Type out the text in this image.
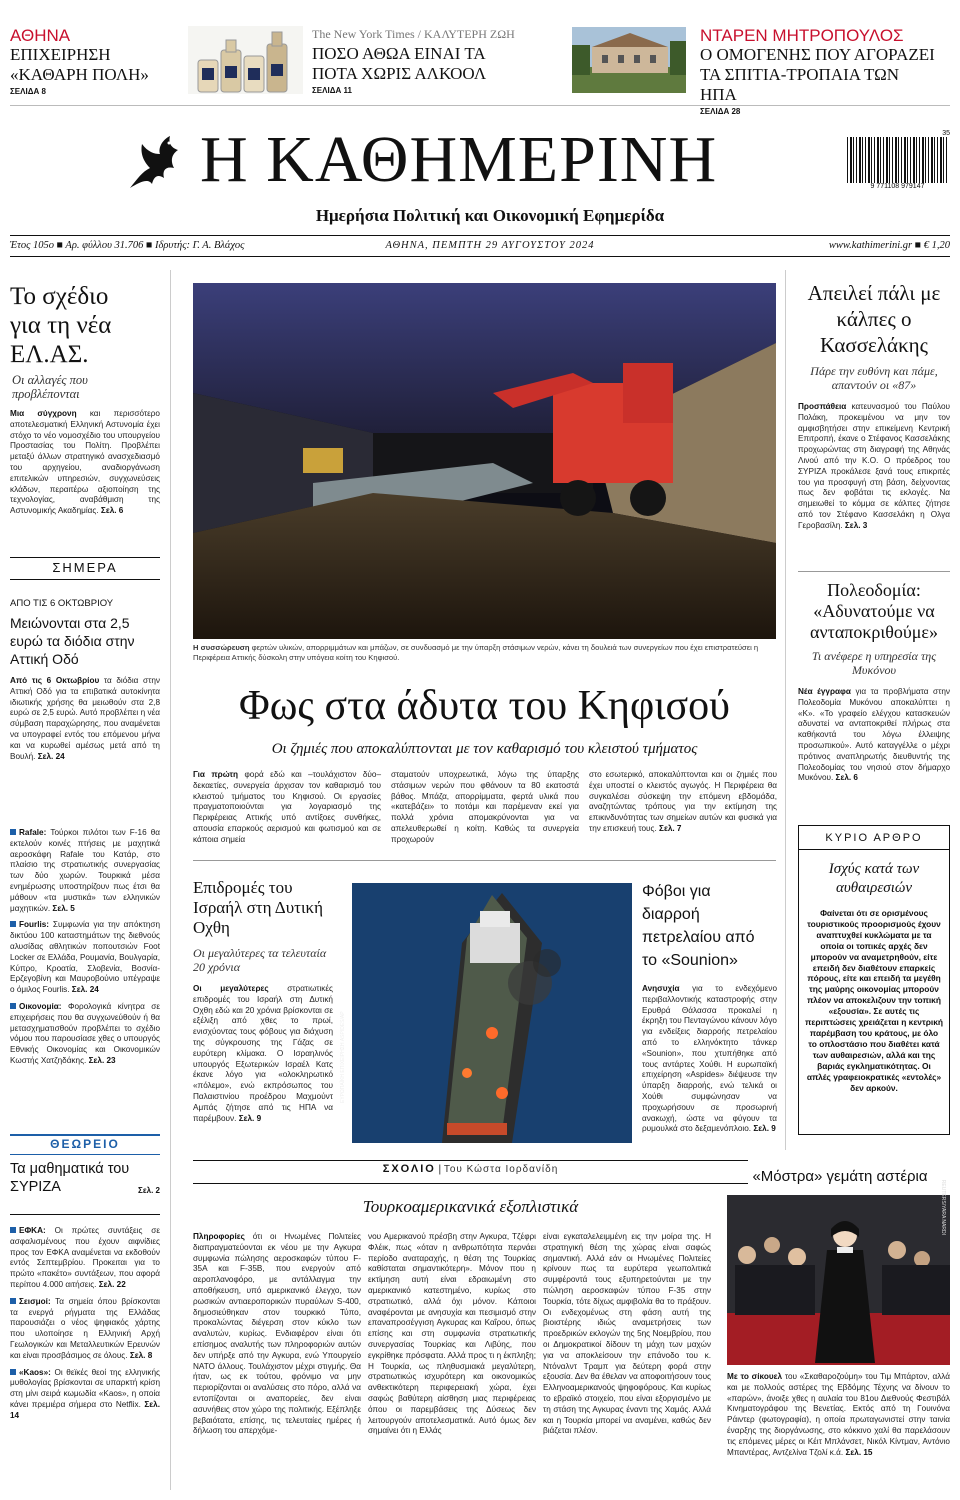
ΑΘΗΝΑ
ΕΠΙΧΕΙΡΗΣΗ «ΚΑΘΑΡΗ ΠΟΛΗ»
ΣΕΛΙΔΑ 8
The New York Times / ΚΑΛΥΤΕΡΗ ΖΩΗ
ΠΟΣΟ ΑΘΩΑ ΕΙΝΑΙ ΤΑ ΠΟΤΑ ΧΩΡΙΣ ΑΛΚΟΟΛ
ΣΕΛΙΔΑ 11
ΝΤΑΡΕΝ ΜΗΤΡΟΠΟΥΛΟΣ
Ο ΟΜΟΓΕΝΗΣ ΠΟΥ ΑΓΟΡΑΖΕΙ ΤΑ ΣΠΙΤΙΑ-ΤΡΟΠΑΙΑ ΤΩΝ ΗΠΑ
ΣΕΛΙΔΑ 28
Η ΚΑΘΗΜΕΡΙΝΗ
Ημερήσια Πολιτική και Οικονομική Εφημερίδα
35
9 771108 979147
Έτος 105ο ■ Αρ. φύλλου 31.706 ■ Ιδρυτής: Γ. Α. Βλάχος	ΑΘΗΝΑ, ΠΕΜΠΤΗ 29 ΑΥΓΟΥΣΤΟΥ 2024	www.kathimerini.gr ■ € 1,20
Το σχέδιο για τη νέα ΕΛ.ΑΣ.
Οι αλλαγές που προβλέπονται
Μια σύγχρονη και περισσότερο αποτελεσματική Ελληνική Αστυνομία έχει στόχο το νέο νομοσχέδιο του υπουργείου Προστασίας του Πολίτη. Προβλέπει μεταξύ άλλων στρατηγικό ανασχεδιασμό του αρχηγείου, αναδιοργάνωση επιτελικών υπηρεσιών, συγχωνεύσεις κλάδων, περαιτέρω αξιοποίηση της τεχνολογίας, αναβάθμιση της Αστυνομικής Ακαδημίας. Σελ. 6
ΣΗΜΕΡΑ
ΑΠΟ ΤΙΣ 6 ΟΚΤΩΒΡΙΟΥ
Μειώνονται στα 2,5 ευρώ τα διόδια στην Αττική Οδό
Από τις 6 Οκτωβρίου τα διόδια στην Αττική Οδό για τα επιβατικά αυτοκίνητα ιδιωτικής χρήσης θα μειωθούν στα 2,8 ευρώ σε 2,5 ευρώ. Αυτό προβλέπει η νέα σύμβαση παραχώρησης, που αναμένεται να υπογραφεί εντός του επόμενου μήνα και να κυρωθεί αμέσως μετά από τη Βουλή. Σελ. 24
Rafale: Τούρκοι πιλότοι των F-16 θα εκτελούν κοινές πτήσεις με μαχητικά αεροσκάφη Rafale του Κατάρ, στο πλαίσιο της στρατιωτικής συνεργασίας των δύο χωρών. Τουρκικά μέσα ενημέρωσης υποστηρίζουν πως έτσι θα μάθουν «τα μυστικά» των ελληνικών μαχητικών. Σελ. 5
Fourlis: Συμφωνία για την απόκτηση δικτύου 100 καταστημάτων της διεθνούς αλυσίδας αθλητικών ποπουτσιών Foot Locker σε Ελλάδα, Ρουμανία, Βουλγαρία, Κύπρο, Κροατία, Σλοβενία, Βοσνία-Ερζεγοβίνη και Μαυροβούνιο υπέγραψε ο όμιλος Fourlis. Σελ. 24
Οικονομία: Φορολογικά κίνητρα σε επιχειρήσεις που θα συγχωνεύθούν ή θα μετασχηματισθούν προβλέπει το σχέδιο νόμου που παρουσίασε χθες ο υπουργός Εθνικής Οικονομίας και Οικονομικών Κωστής Χατζηδάκης. Σελ. 23
ΘΕΩΡΕΙΟ
Τα μαθηματικά του ΣΥΡΙΖΑ	Σελ. 2
ΕΦΚΑ: Οι πρώτες συντάξεις σε ασφαλισμένους που έχουν αιφνίδιες προς τον ΕΦΚΑ αναμένεται να εκδοθούν εντός Σεπτεμβρίου. Προκειται για το πρώτο «πακέτο» συντάξεων, που αφορά περίπου 4.000 αιτήσεις. Σελ. 22
Σεισμοί: Τα σημεία όπου βρίσκονται τα ενεργά ρήγματα της Ελλάδας παρουσιάζει ο νέος ψηφιακός χάρτης που υλοποίησε η Ελληνική Αρχή Γεωλογικών και Μεταλλευτικών Ερευνών και είναι προσβάσιμος σε όλους. Σελ. 8
«Kaos»: Οι θεϊκές θεοί της ελληνικής μυθολογίας βρίσκονται σε υπαρκτή κρίση στη μίνι σειρά κωμωδία «Kaos», η οποία κάνει πρεμιέρα σήμερα στο Netflix. Σελ. 14
Η συσσώρευση φερτών υλικών, απορριμμάτων και μπάζων, σε συνδυασμό με την ύπαρξη στάσιμων νερών, κάνει τη δουλειά των συνεργείων που έχει επιστρατεύσει η Περιφέρεια Αττικής δύσκολη στην υπόγεια κοίτη του Κηφισού.
Φως στα άδυτα του Κηφισού
Οι ζημιές που αποκαλύπτονται με τον καθαρισμό του κλειστού τμήματος
Για πρώτη φορά εδώ και –τουλάχιστον δύο– δεκαετίες, συνεργεία άρχισαν τον καθαρισμό του κλειστού τμήματος του Κηφισού. Οι εργασίες πραγματοποιούνται για λογαριασμό της Περιφέρειας Αττικής υπό αντίξοες συνθήκες, απουσία επαρκούς αερισμού και φωτισμού και σε κάποια σημεία
σταματούν υποχρεωτικά, λόγω της ύπαρξης στάσιμων νερών που φθάνουν τα 80 εκατοστά βάθος. Μπάζα, απορρίμματα, φερτά υλικά που «κατεβάζει» το ποτάμι και παρέμεναν εκεί για πολλά χρόνια απομακρύνονται για να απελευθερωθεί η κοίτη. Καθώς τα συνεργεία προχωρούν
στο εσωτερικό, αποκαλύπτονται και οι ζημιές που έχει υποστεί ο κλειστός αγωγός. Η Περιφέρεια θα συγκαλέσει σύσκεψη την επόμενη εβδομάδα, αναζητώντας τρόπους για την εκτίμηση της επικινδυνότητας των σημείων αυτών και φυσικά για την επισκευή τους. Σελ. 7
Επιδρομές του Ισραήλ στη Δυτική Οχθη
Οι μεγαλύτερες τα τελευταία 20 χρόνια
Οι μεγαλύτερες στρατιωτικές επιδρομές του Ισραήλ στη Δυτική Οχθη εδώ και 20 χρόνια βρίσκονται σε εξέλιξη από χθες το πρωί, ενισχύοντας τους φόβους για διάχυση της σύγκρουσης της Γάζας σε ευρύτερη κλίμακα. Ο Ισραηλινός υπουργός Εξωτερικών Ισραέλ Κατς έκανε λόγο για «ολοκληρωτικό «πόλεμο», ενώ εκπρόσωπος του Παλαιστινίου προέδρου Μαχμούντ Αμπάς ζήτησε από τις ΗΠΑ να παρέμβουν. Σελ. 9
ΕΥΡΩΠΑΪΚΗ ΕΠΙΧΕΙΡΗΣΗ ASPIDES/AP
Φόβοι για διαρροή πετρελαίου από το «Sounion»
Ανησυχία για το ενδεχόμενο περιβαλλοντικής καταστροφής στην Ερυθρά Θάλασσα προκαλεί η έκρηξη του Πενταγώνου κάνουν λόγο για ενδείξεις διαρροής πετρελαίου από το ελληνόκτητο τάνκερ «Sounion», που χτυπήθηκε από τους αντάρτες Χούθι. Η ευρωπαϊκή επιχείρηση «Aspides» διέψευσε την ύπαρξη διαρροής, ενώ τελικά οι Χούθι συμφώνησαν να προχωρήσουν σε προσωρινή ανακωχή, ώστε να φύγουν τα ρυμουλκά στο δεξαμενόπλοιο. Σελ. 9
ΣΧΟΛΙΟ | Του Κώστα Ιορδανίδη
Τουρκοαμερικανικά εξοπλιστικά
Πληροφορίες ότι οι Ηνωμένες Πολιτείες διαπραγματεύονται εκ νέου με την Αγκυρα συμφωνία πώλησης αεροσκαφών τύπου F-35A και F-35B, που ενεργούν από αεροπλανοφόρο, με αντάλλαγμα την αποθήκευση, υπό αμερικανικό έλεγχο, των ρωσικών αντιαεροπορικών πυραύλων S-400, δημοσιεύθηκαν στον τουρκικό Τύπο, προκαλώντας διέγερση στον κύκλο των αναλυτών, κυρίως. Ενδιαφέρον είναι ότι επίσημος αναλυτής των πληροφοριών αυτών δεν υπήρξε από την Αγκυρα, ενώ Υπουργείο ΝΑΤΟ άλλους. Τουλάχιστον μέχρι στιγμής. Θα ήταν, ως εκ τούτου, φρόνιμο να μην περιορίζονται οι αναλύσεις στο πόρο, αλλά να εντοπίζονται οι αναπορείες, δεν είναι ασυνήθεις στον χώρο της πολιτικής. Εξέπληξε βεβαιότατα, επίσης, τις τελευταίες ημέρες ή δήλωση του απερχόμε-
νου Αμερικανού πρέσβη στην Αγκυρα, Τζέφρι Φλέικ, πως «όταν η ανθρωπότητα περνάει περίοδο αναταραχής, η θέση της Τουρκίας καθίσταται σημαντικότερη». Μόνον που η εκτίμηση αυτή είναι εδραιωμένη στο αμερικανικό κατεστημένο, κυρίως στο στρατιωτικό, αλλά όχι μόνον. Κάποιοι αναφέρονται με ανησυχία και πεσιμισμό στην επαναπροσέγγιση Αγκυρας και Καΐρου, όπως επίσης και στη συμφωνία στρατιωτικής συνεργασίας Τουρκίας και Λιβύης, που εγκρίθηκε πρόσφατα. Αλλά προς τι η έκπληξη; Η Τουρκία, ως πληθυσμιακά μεγαλύτερη, στρατιωτικώς ισχυρότερη και οικονομικώς ανθεκτικότερη περιφερειακή χώρα, έχει σαφώς βαθύτερη αίσθηση μιας περιφέρειας όπου οι παρεμβάσεις της Δύσεως δεν λειτουργούν αποτελεσματικά. Αυτό όμως δεν σημαίνει ότι η Ελλάς
είναι εγκαταλελειμμένη εις την μοίρα της. Η στρατηγική θέση της χώρας είναι σαφώς σημαντική. Αλλά εάν οι Ηνωμένες Πολιτείες κρίνουν πως τα ευρύτερα γεωπολιτικά συμφέροντά τους εξυπηρετούνται με την πώληση αεροσκαφών τύπου F-35 στην Τουρκία, τότε δίχως αμφιβολία θα το πράξουν. Οι ενδεχομένως στη φάση αυτή της βιοιστέρης ιδιώς αναμετρήσεις των προεδρικών εκλογών της 5ης Νοεμβρίου, που οι Δημοκρατικοί δίδουν τη μάχη των μαχών για να αποκλείσουν την επάνοδο του κ. Ντόναλντ Τραμπ για δεύτερη φορά στην εξουσία. Δεν θα έθελαν να αποφοιτήσουν τους Ελληνοαμερικανούς ψηφοφόρους. Και κυρίως το εβραϊκό στοιχείο, που είναι εξοργισμένο με τη στάση της Αγκυρας έναντι της Χαμάς. Αλλά και η Τουρκία μπορεί να αναμένει, καθώς δεν βιάζεται πλέον.
Απειλεί πάλι με κάλπες ο Κασσελάκης
Πάρε την ευθύνη και πάμε, απαντούν οι «87»
Προσπάθεια κατευνασμού του Παύλου Πολάκη, προκειμένου να μην τον αμφισβητήσει στην επικείμενη Κεντρική Επιτροπή, έκανε ο Στέφανος Κασσελάκης προχωρώντας στη διαγραφή της Αθηνάς Λινού από την Κ.Ο. Ο πρόεδρος του ΣΥΡΙΖΑ προκάλεσε ξανά τους επικριτές του για προσφυγή στη βάση, δείχνοντας πως δεν φοβάται τις εκλογές. Να σημειωθεί το κόμμα σε κάλπες ζήτησε από τον Στέφανο Κασσελάκη η Ολγα Γεροβασίλη. Σελ. 3
Πολεοδομία: «Αδυνατούμε να ανταποκριθούμε»
Τι ανέφερε η υπηρεσία της Μυκόνου
Νέα έγγραφα για τα προβλήματα στην Πολεοδομία Μυκόνου αποκαλύπτει η «Κ». «Το γραφείο ελέγχου κατασκευών αδυνατεί να ανταποκριθεί πλήρως στα καθήκοντά του λόγω έλλειψης προσωπικού». Αυτό καταγγέλλε ο μέχρι πρότινος αναπληρωτής διευθυντής της Πολεοδομίας του νησιού στον δήμαρχο Μυκόνου. Σελ. 6
ΚΥΡΙΟ ΑΡΘΡΟ
Ισχύς κατά των αυθαιρεσιών
Φαίνεται ότι σε ορισμένους τουριστικούς προορισμούς έχουν αναπτυχθεί κυκλώματα με τα οποία οι τοπικές αρχές δεν μπορούν να αναμετρηθούν, είτε επειδή δεν διαθέτουν επαρκείς πόρους, είτε και επειδή τα μεγέθη της μαύρης οικονομίας μπορούν πλέον να αποκελιζουν την τοπική «εξουσία». Σε αυτές τις περιπτώσεις χρειάζεται η κεντρική παρέμβαση του κράτους, με όλο το οπλοστάσιο που διαθέτει κατά των αυθαιρεσιών, αλλά και της βαριάς εγκληματικότητας. Οι απλές γραφειοκρατικές «εντολές» δεν αρκούν.
«Μόστρα» γεμάτη αστέρια
REUTERS/YARA NARDI
Με το σίκουελ του «Σκαθαροζούμη» του Τιμ Μπάρτον, αλλά και με πολλούς αστέρες της Εβδόμης Τέχνης να δίνουν το «παρών», άνοιξε χθες η αυλαία του 81ου Διεθνούς Φεστιβάλ Κινηματογράφου της Βενετίας. Εκτός από τη Γουινόνα Ράιντερ (φωτογραφία), η οποία πρωταγωνιστεί στην ταινία έναρξης της διοργάνωσης, στο κόκκινο χαλί θα παρελάσουν τις επόμενες μέρες οι Κέιτ Μπλάνσετ, Νικόλ Κίντμαν, Αντόνιο Μπαντέρας, Αντζελίνα Τζολί κ.ά. Σελ. 15
